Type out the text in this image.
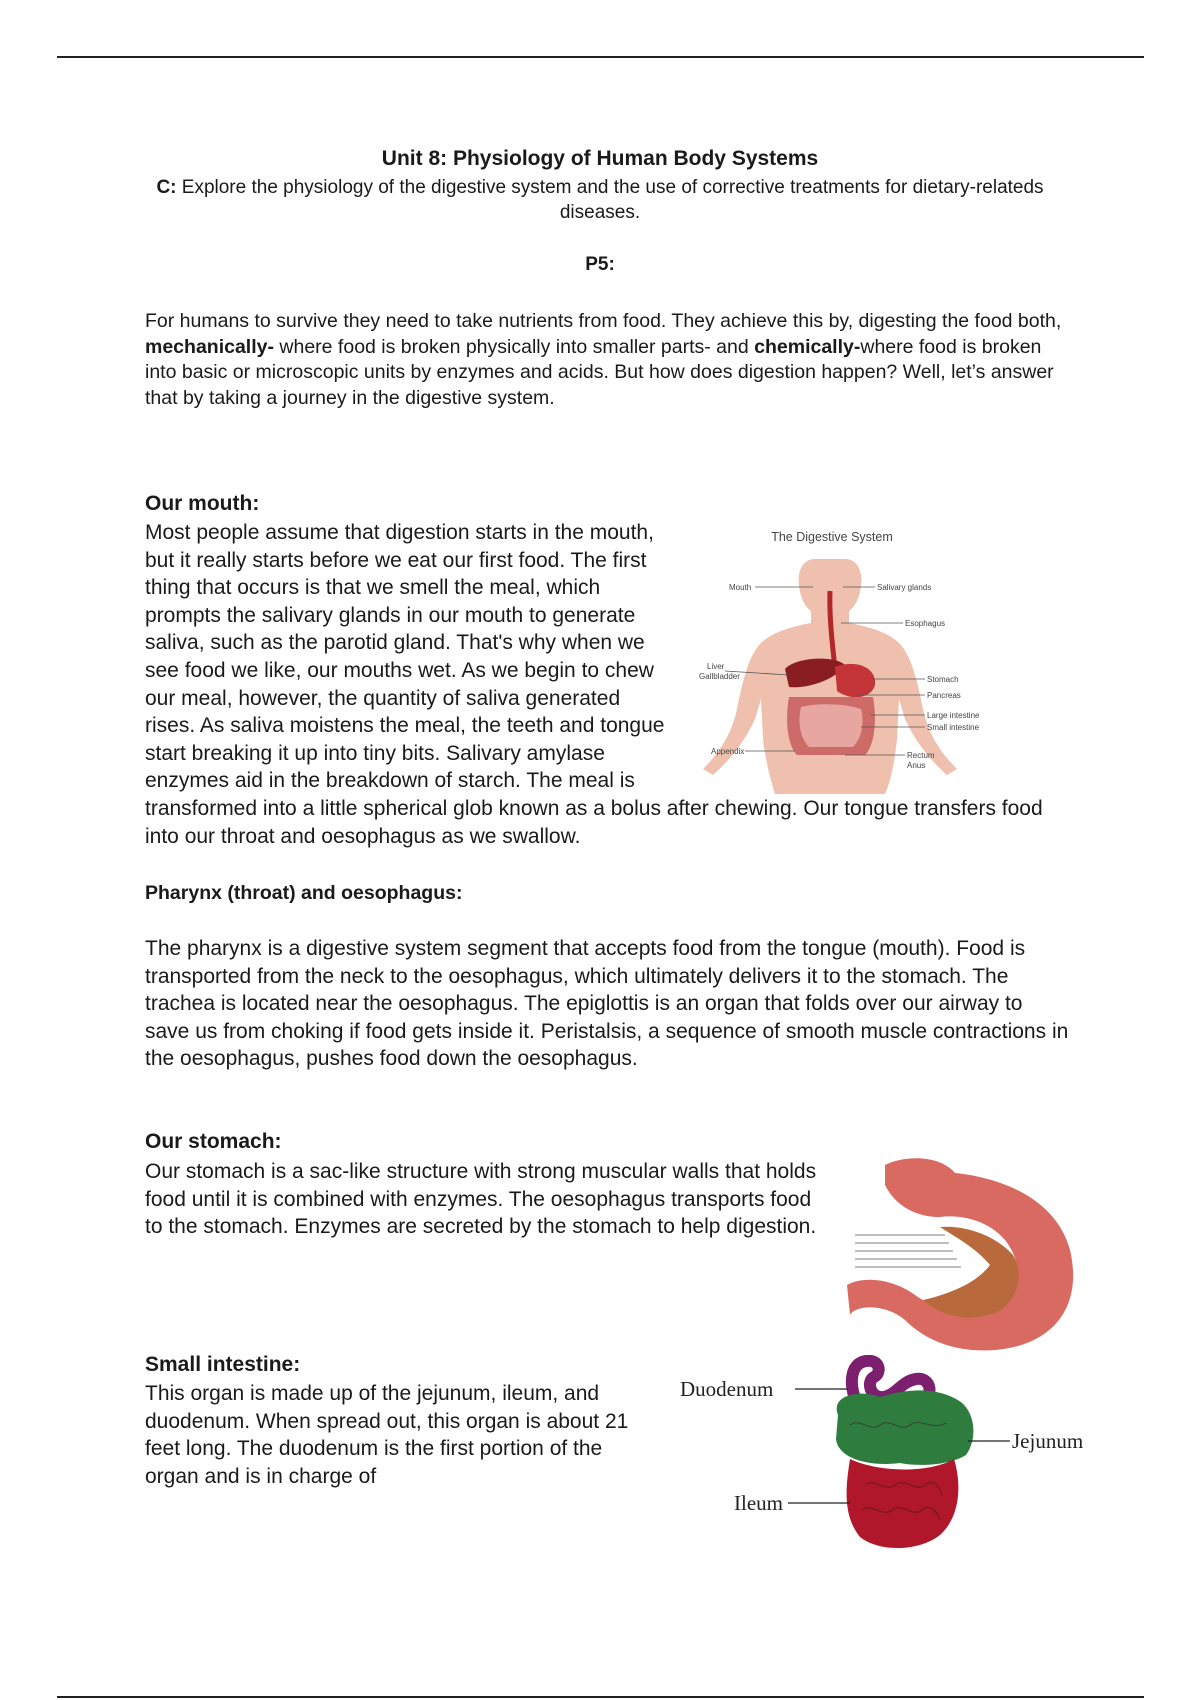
Unit 8: Physiology of Human Body Systems
C: Explore the physiology of the digestive system and the use of corrective treatments for dietary-relateds diseases.
P5:
For humans to survive they need to take nutrients from food. They achieve this by, digesting the food both, mechanically- where food is broken physically into smaller parts- and chemically-where food is broken into basic or microscopic units by enzymes and acids. But how does digestion happen? Well, let’s answer that by taking a journey in the digestive system.
Our mouth:
The Digestive System
Mouth	Salivary glands
Esophagus
Liver
Gallbladder	Stomach
Pancreas
Large intestine
Small intestine
Appendix	Rectum
Anus
Most people assume that digestion starts in the mouth, but it really starts before we eat our first food. The first thing that occurs is that we smell the meal, which prompts the salivary glands in our mouth to generate saliva, such as the parotid gland. That's why when we see food we like, our mouths wet. As we begin to chew our meal, however, the quantity of saliva generated rises. As saliva moistens the meal, the teeth and tongue start breaking it up into tiny bits. Salivary amylase enzymes aid in the breakdown of starch. The meal is transformed into a little spherical glob known as a bolus after chewing. Our tongue transfers food into our throat and oesophagus as we swallow.
Pharynx (throat) and oesophagus:
The pharynx is a digestive system segment that accepts food from the tongue (mouth). Food is transported from the neck to the oesophagus, which ultimately delivers it to the stomach. The trachea is located near the oesophagus. The epiglottis is an organ that folds over our airway to save us from choking if food gets inside it. Peristalsis, a sequence of smooth muscle contractions in the oesophagus, pushes food down the oesophagus.
Our stomach:
Our stomach is a sac-like structure with strong muscular walls that holds food until it is combined with enzymes. The oesophagus transports food to the stomach. Enzymes are secreted by the stomach to help digestion.
Small intestine:
This organ is made up of the jejunum, ileum, and duodenum. When spread out, this organ is about 21 feet long. The duodenum is the first portion of the organ and is in charge of
Duodenum
Jejunum
Ileum
